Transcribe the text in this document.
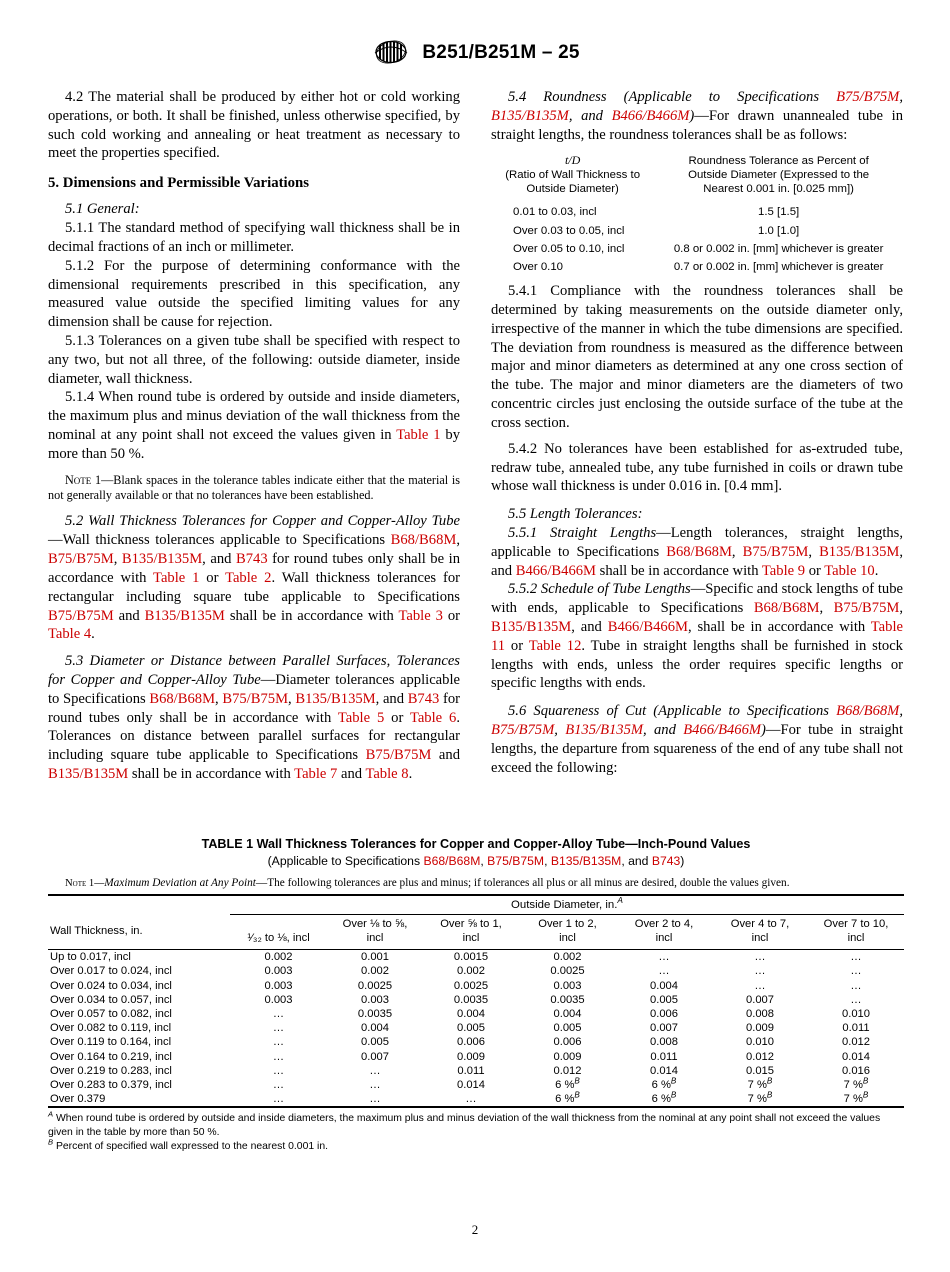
B251/B251M – 25

4.2 The material shall be produced by either hot or cold working operations, or both. It shall be finished, unless otherwise specified, by such cold working and annealing or heat treatment as necessary to meet the properties specified.

5. Dimensions and Permissible Variations

5.1 General:

5.1.1 The standard method of specifying wall thickness shall be in decimal fractions of an inch or millimeter.

5.1.2 For the purpose of determining conformance with the dimensional requirements prescribed in this specification, any measured value outside the specified limiting values for any dimension shall be cause for rejection.

5.1.3 Tolerances on a given tube shall be specified with respect to any two, but not all three, of the following: outside diameter, inside diameter, wall thickness.

5.1.4 When round tube is ordered by outside and inside diameters, the maximum plus and minus deviation of the wall thickness from the nominal at any point shall not exceed the values given in Table 1 by more than 50 %.

Note 1—Blank spaces in the tolerance tables indicate either that the material is not generally available or that no tolerances have been established.

5.2 Wall Thickness Tolerances for Copper and Copper-Alloy Tube—Wall thickness tolerances applicable to Specifications B68/B68M, B75/B75M, B135/B135M, and B743 for round tubes only shall be in accordance with Table 1 or Table 2. Wall thickness tolerances for rectangular including square tube applicable to Specifications B75/B75M and B135/B135M shall be in accordance with Table 3 or Table 4.

5.3 Diameter or Distance between Parallel Surfaces, Tolerances for Copper and Copper-Alloy Tube—Diameter tolerances applicable to Specifications B68/B68M, B75/B75M, B135/B135M, and B743 for round tubes only shall be in accordance with Table 5 or Table 6. Tolerances on distance between parallel surfaces for rectangular including square tube applicable to Specifications B75/B75M and B135/B135M shall be in accordance with Table 7 and Table 8.

5.4 Roundness (Applicable to Specifications B75/B75M, B135/B135M, and B466/B466M)—For drawn unannealed tube in straight lengths, the roundness tolerances shall be as follows:

t/D
(Ratio of Wall Thickness to
Outside Diameter)	Roundness Tolerance as Percent of
Outside Diameter (Expressed to the
Nearest 0.001 in. [0.025 mm])
0.01 to 0.03, incl	1.5 [1.5]
Over 0.03 to 0.05, incl	1.0 [1.0]
Over 0.05 to 0.10, incl	0.8 or 0.002 in. [mm] whichever is greater
Over 0.10	0.7 or 0.002 in. [mm] whichever is greater

5.4.1 Compliance with the roundness tolerances shall be determined by taking measurements on the outside diameter only, irrespective of the manner in which the tube dimensions are specified. The deviation from roundness is measured as the difference between major and minor diameters as determined at any one cross section of the tube. The major and minor diameters are the diameters of two concentric circles just enclosing the outside surface of the tube at the cross section.

5.4.2 No tolerances have been established for as-extruded tube, redraw tube, annealed tube, any tube furnished in coils or drawn tube whose wall thickness is under 0.016 in. [0.4 mm].

5.5 Length Tolerances:

5.5.1 Straight Lengths—Length tolerances, straight lengths, applicable to Specifications B68/B68M, B75/B75M, B135/B135M, and B466/B466M shall be in accordance with Table 9 or Table 10.

5.5.2 Schedule of Tube Lengths—Specific and stock lengths of tube with ends, applicable to Specifications B68/B68M, B75/B75M, B135/B135M, and B466/B466M, shall be in accordance with Table 11 or Table 12. Tube in straight lengths shall be furnished in stock lengths with ends, unless the order requires specific lengths or specific lengths with ends.

5.6 Squareness of Cut (Applicable to Specifications B68/B68M, B75/B75M, B135/B135M, and B466/B466M)—For tube in straight lengths, the departure from squareness of the end of any tube shall not exceed the following:

TABLE 1 Wall Thickness Tolerances for Copper and Copper-Alloy Tube—Inch-Pound Values
(Applicable to Specifications B68/B68M, B75/B75M, B135/B135M, and B743)

Note 1—Maximum Deviation at Any Point—The following tolerances are plus and minus; if tolerances all plus or all minus are desired, double the values given.

	Outside Diameter, in.$^A$
Wall Thickness, in.	¹⁄₃₂ to ⅛, incl	Over ⅛ to ⅝,
incl	Over ⅝ to 1,
incl	Over 1 to 2,
incl	Over 2 to 4,
incl	Over 4 to 7,
incl	Over 7 to 10,
incl
Up to 0.017, incl	0.002	0.001	0.0015	0.002	…	…	…
Over 0.017 to 0.024, incl	0.003	0.002	0.002	0.0025	…	…	…
Over 0.024 to 0.034, incl	0.003	0.0025	0.0025	0.003	0.004	…	…
Over 0.034 to 0.057, incl	0.003	0.003	0.0035	0.0035	0.005	0.007	…
Over 0.057 to 0.082, incl	…	0.0035	0.004	0.004	0.006	0.008	0.010
Over 0.082 to 0.119, incl	…	0.004	0.005	0.005	0.007	0.009	0.011
Over 0.119 to 0.164, incl	…	0.005	0.006	0.006	0.008	0.010	0.012
Over 0.164 to 0.219, incl	…	0.007	0.009	0.009	0.011	0.012	0.014
Over 0.219 to 0.283, incl	…	…	0.011	0.012	0.014	0.015	0.016
Over 0.283 to 0.379, incl	…	…	0.014	6 %$^B$	6 %$^B$	7 %$^B$	7 %$^B$
Over 0.379	…	…	…	6 %$^B$	6 %$^B$	7 %$^B$	7 %$^B$

$^A$ When round tube is ordered by outside and inside diameters, the maximum plus and minus deviation of the wall thickness from the nominal at any point shall not exceed the values given in the table by more than 50 %.
$^B$ Percent of specified wall expressed to the nearest 0.001 in.
2
